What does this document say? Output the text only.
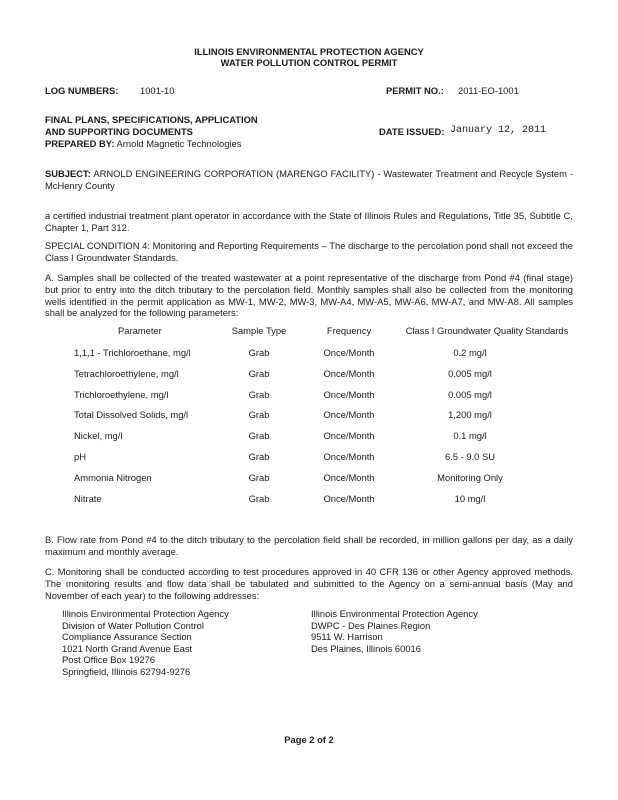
ILLINOIS ENVIRONMENTAL PROTECTION AGENCY
WATER POLLUTION CONTROL PERMIT
LOG NUMBERS: 1001-10	PERMIT NO.: 2011-EO-1001
FINAL PLANS, SPECIFICATIONS, APPLICATION
AND SUPPORTING DOCUMENTS
PREPARED BY: Arnold Magnetic Technologies
DATE ISSUED: January 12, 2011

SUBJECT: ARNOLD ENGINEERING CORPORATION (MARENGO FACILITY) - Wastewater Treatment and Recycle System - McHenry County

a certified industrial treatment plant operator in accordance with the State of Illinois Rules and Regulations, Title 35, Subtitle C, Chapter 1, Part 312.

SPECIAL CONDITION 4: Monitoring and Reporting Requirements – The discharge to the percolation pond shall not exceed the Class I Groundwater Standards.

A. Samples shall be collected of the treated wastewater at a point representative of the discharge from Pond #4 (final stage) but prior to entry into the ditch tributary to the percolation field. Monthly samples shall also be collected from the monitoring wells identified in the permit application as MW-1, MW-2, MW-3, MW-A4, MW-A5, MW-A6, MW-A7, and MW-A8. All samples shall be analyzed for the following parameters:

Parameter	Sample Type	Frequency	Class I Groundwater Quality Standards
1,1,1 - Trichloroethane, mg/l	Grab	Once/Month	0.2 mg/l
Tetrachloroethylene, mg/l	Grab	Once/Month	0.005 mg/l
Trichloroethylene, mg/l	Grab	Once/Month	0.005 mg/l
Total Dissolved Solids, mg/l	Grab	Once/Month	1,200 mg/l
Nickel, mg/l	Grab	Once/Month	0.1 mg/l
pH	Grab	Once/Month	6.5 - 9.0 SU
Ammonia Nitrogen	Grab	Once/Month	Monitoring Only
Nitrate	Grab	Once/Month	10 mg/l

B. Flow rate from Pond #4 to the ditch tributary to the percolation field shall be recorded, in million gallons per day, as a daily maximum and monthly average.

C. Monitoring shall be conducted according to test procedures approved in 40 CFR 136 or other Agency approved methods. The monitoring results and flow data shall be tabulated and submitted to the Agency on a semi-annual basis (May and November of each year) to the following addresses:

Illinois Environmental Protection Agency
Division of Water Pollution Control
Compliance Assurance Section
1021 North Grand Avenue East
Post Office Box 19276
Springfield, Illinois 62794-9276
Illinois Environmental Protection Agency
DWPC - Des Plaines Region
9511 W. Harrison
Des Plaines, Illinois 60016
Page 2 of 2
